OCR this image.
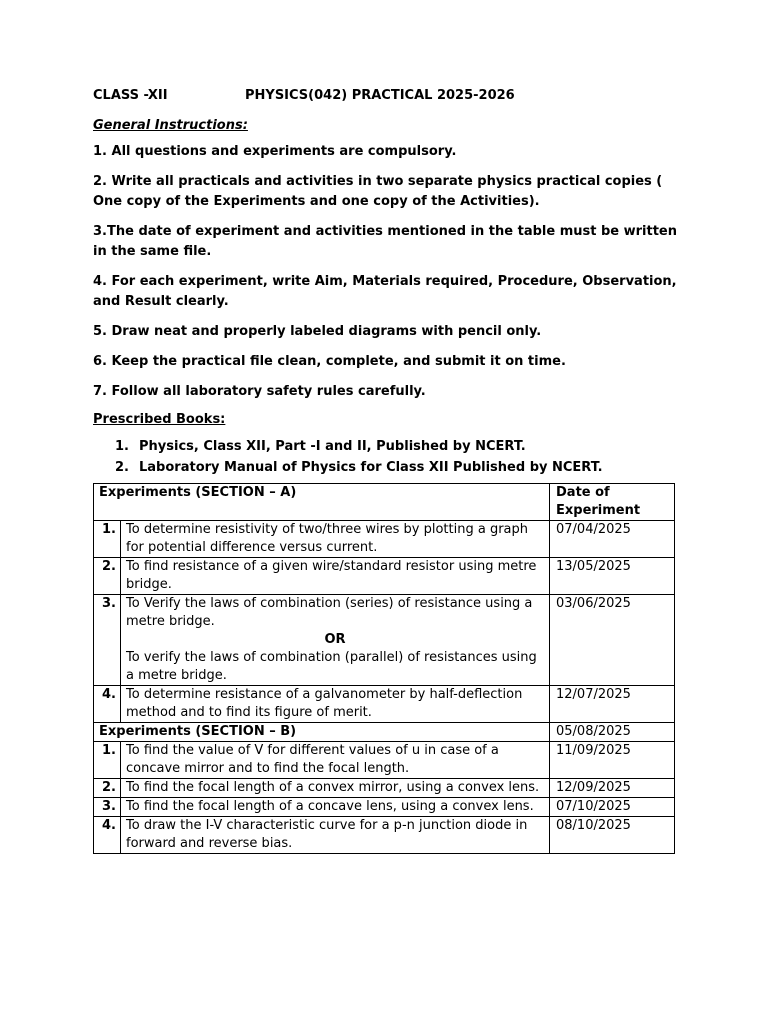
CLASS -XII	PHYSICS(042) PRACTICAL 2025-2026
General Instructions:

1. All questions and experiments are compulsory.

2. Write all practicals and activities in two separate physics practical copies ( One copy of the Experiments and one copy of the Activities).

3.The date of experiment and activities mentioned in the table must be written in the same file.

4. For each experiment, write Aim, Materials required, Procedure, Observation, and Result clearly.

5. Draw neat and properly labeled diagrams with pencil only.

6. Keep the practical file clean, complete, and submit it on time.

7. Follow all laboratory safety rules carefully.

Prescribed Books:
1. Physics, Class XII, Part -I and II, Published by NCERT.
2. Laboratory Manual of Physics for Class XII Published by NCERT.
Experiments (SECTION – A)		Date of Experiment
1.	To determine resistivity of two/three wires by plotting a graph for potential difference versus current.	07/04/2025
2.	To find resistance of a given wire/standard resistor using metre bridge.	13/05/2025
3.	To Verify the laws of combination (series) of resistance using a metre bridge.
OR
To verify the laws of combination (parallel) of resistances using a metre bridge.	03/06/2025
4.	To determine resistance of a galvanometer by half-deflection method and to find its figure of merit.	12/07/2025
Experiments (SECTION – B)		05/08/2025
1.	To find the value of V for different values of u in case of a concave mirror and to find the focal length.	11/09/2025
2.	To find the focal length of a convex mirror, using a convex lens.	12/09/2025
3.	To find the focal length of a concave lens, using a convex lens.	07/10/2025
4.	To draw the I-V characteristic curve for a p-n junction diode in forward and reverse bias.	08/10/2025
